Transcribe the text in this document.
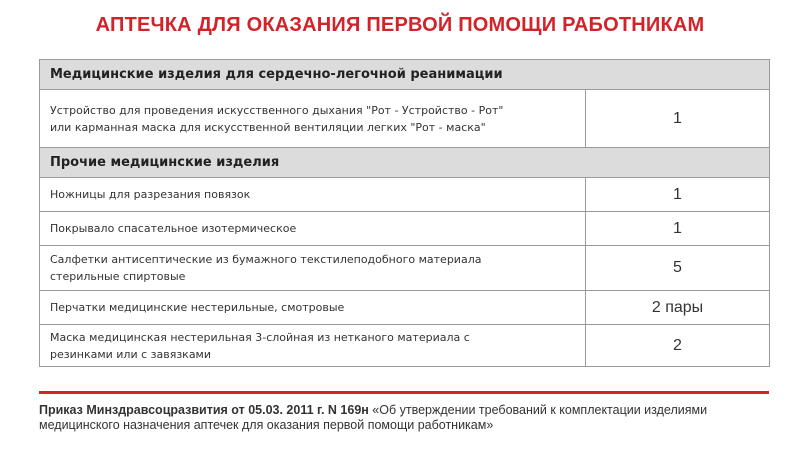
АПТЕЧКА ДЛЯ ОКАЗАНИЯ ПЕРВОЙ ПОМОЩИ РАБОТНИКАМ
Медицинские изделия для сердечно-легочной реанимации	

Устройство для проведения искусственного дыхания "Рот - Устройство - Рот"
или карманная маска для искусственной вентиляции легких "Рот - маска"	1
Прочие медицинские изделия	

Ножницы для разрезания повязок	1

Покрывало спасательное изотермическое	1

Салфетки антисептические из бумажного текстилеподобного материала
стерильные спиртовые	5

Перчатки медицинские нестерильные, смотровые	2 пары

Маска медицинская нестерильная 3-слойная из нетканого материала с
резинками или с завязками	2
Приказ Минздравсоцразвития от 05.03. 2011 г. N 169н «Об утверждении требований к комплектации изделиями медицинского назначения аптечек для оказания первой помощи работникам»
